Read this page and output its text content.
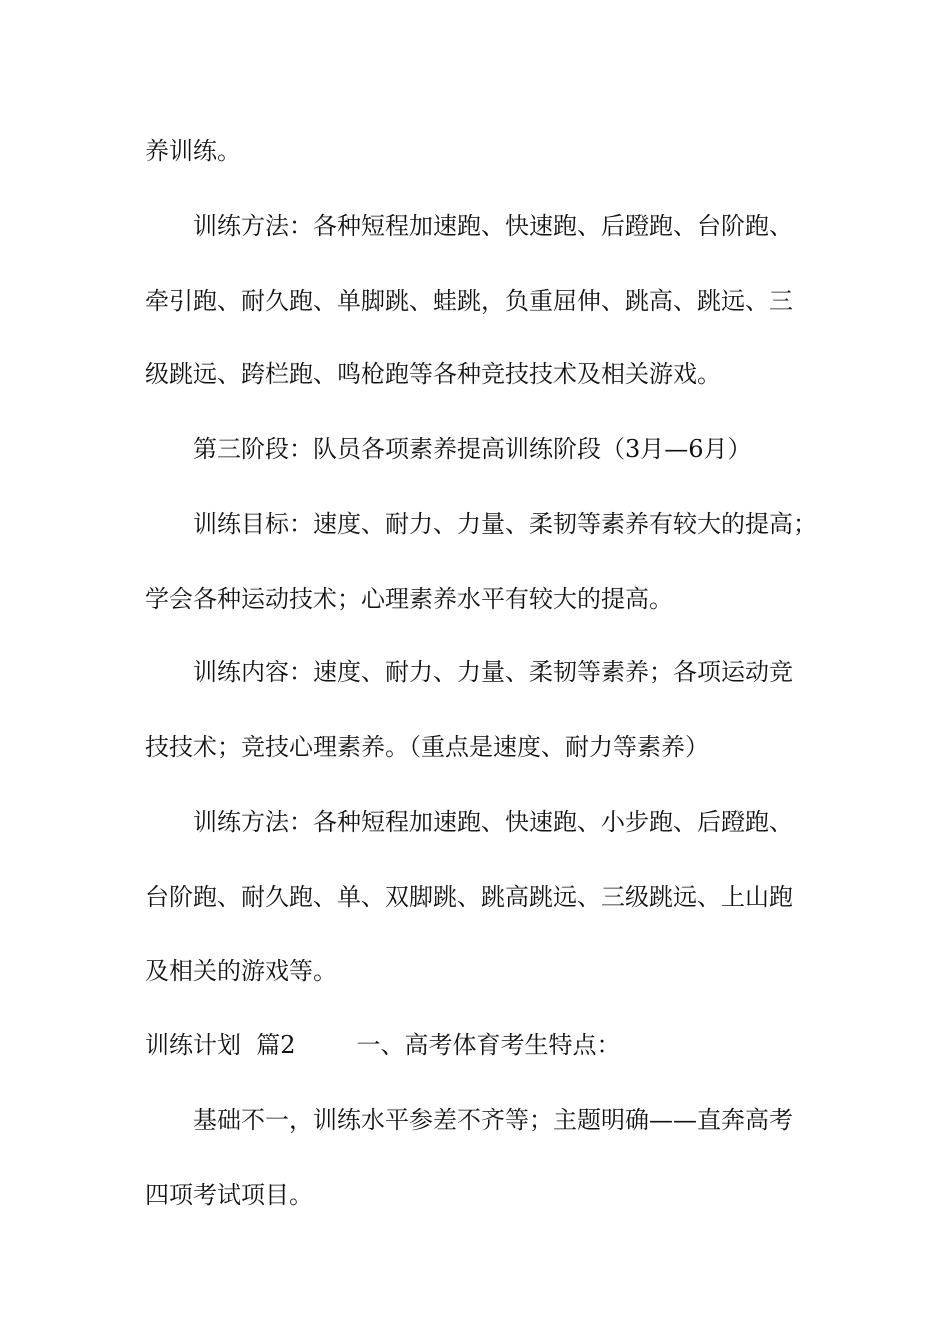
养训练。
训练方法：各种短程加速跑、快速跑、后蹬跑、台阶跑、
牵引跑、耐久跑、单脚跳、蛙跳，负重屈伸、跳高、跳远、三
级跳远、跨栏跑、鸣枪跑等各种竞技技术及相关游戏。
第三阶段：队员各项素养提高训练阶段（3月—6月）
训练目标：速度、耐力、力量、柔韧等素养有较大的提高；
学会各种运动技术；心理素养水平有较大的提高。
训练内容：速度、耐力、力量、柔韧等素养；各项运动竞
技技术；竞技心理素养。（重点是速度、耐力等素养）
训练方法：各种短程加速跑、快速跑、小步跑、后蹬跑、
台阶跑、耐久跑、单、双脚跳、跳高跳远、三级跳远、上山跑
及相关的游戏等。
训练计划  篇2        一、高考体育考生特点：
基础不一，训练水平参差不齐等；主题明确——直奔高考
四项考试项目。
